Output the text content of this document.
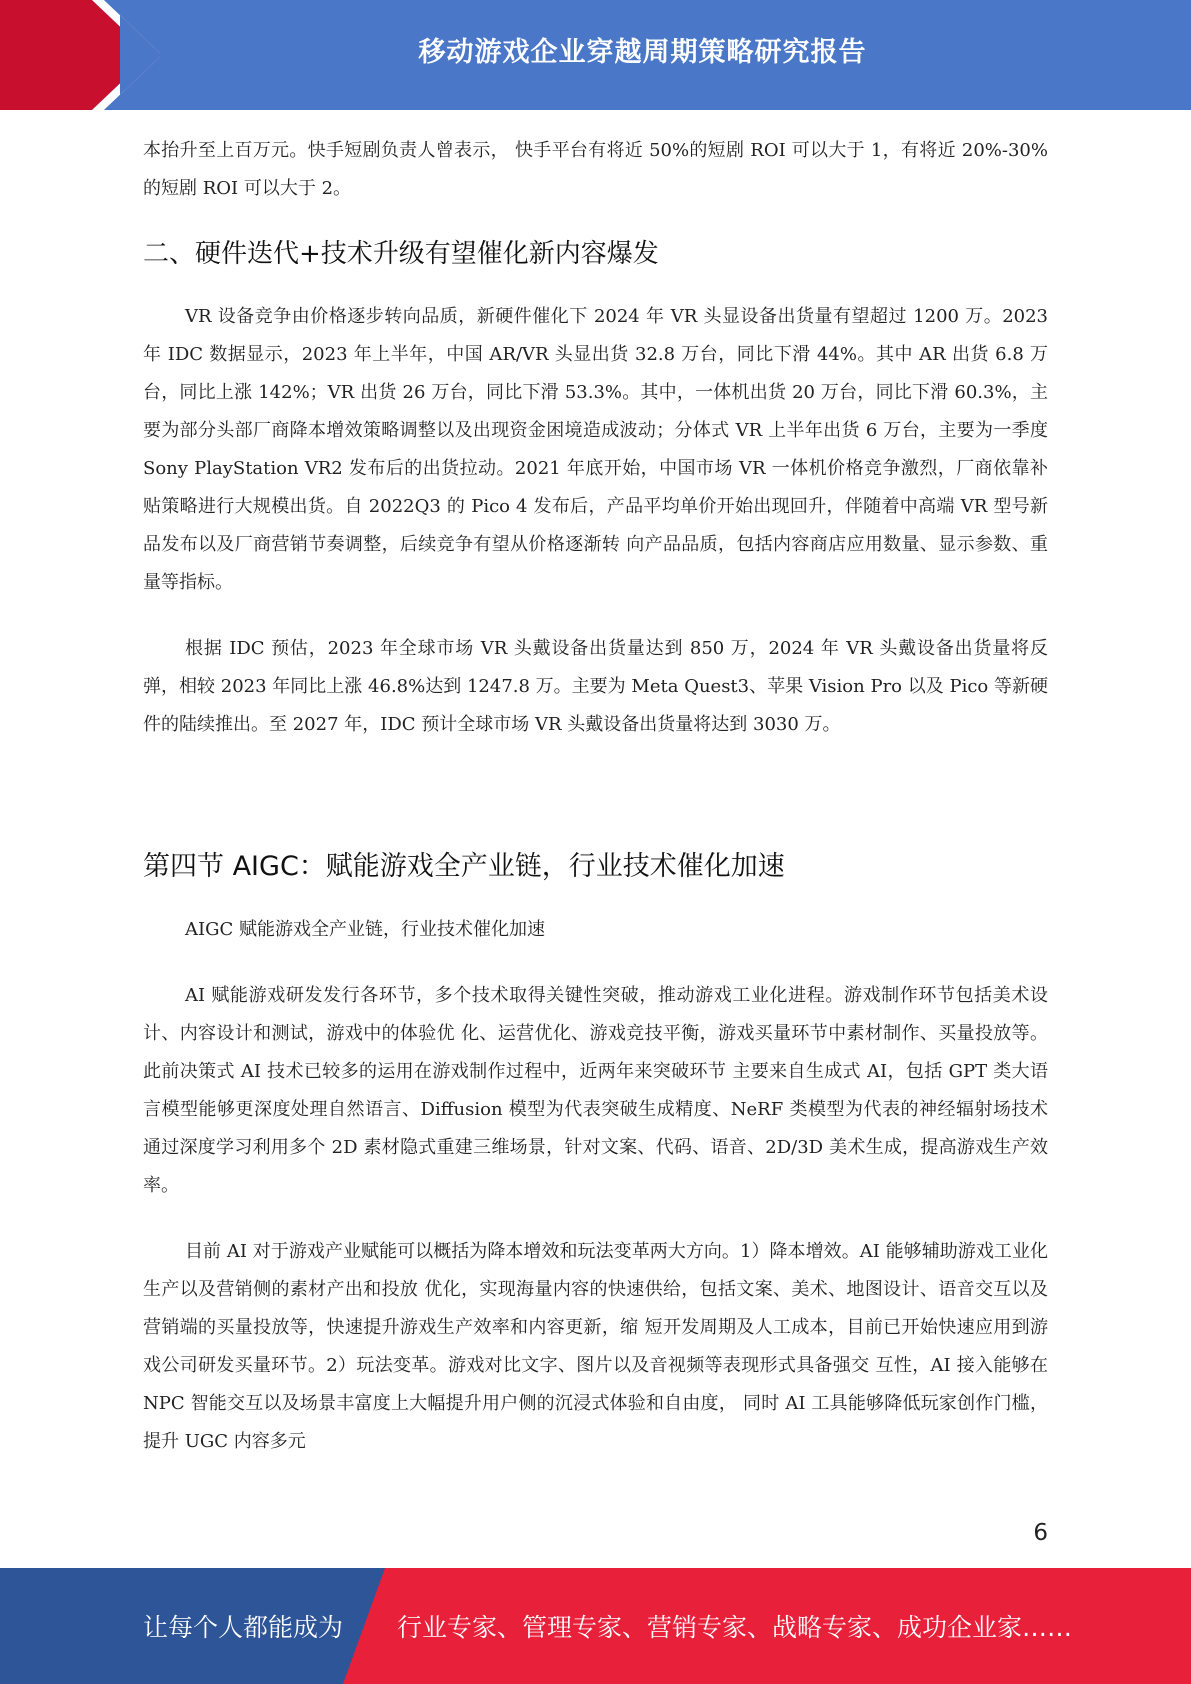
移动游戏企业穿越周期策略研究报告

本抬升至上百万元。快手短剧负责人曾表示， 快手平台有将近 50%的短剧 ROI 可以大于 1，有将近 20%-30%的短剧 ROI 可以大于 2。

二、硬件迭代+技术升级有望催化新内容爆发

VR 设备竞争由价格逐步转向品质，新硬件催化下 2024 年 VR 头显设备出货量有望超过 1200 万。2023 年 IDC 数据显示，2023 年上半年，中国 AR/VR 头显出货 32.8 万台，同比下滑 44%。其中 AR 出货 6.8 万台，同比上涨 142%；VR 出货 26 万台，同比下滑 53.3%。其中，一体机出货 20 万台，同比下滑 60.3%，主要为部分头部厂商降本增效策略调整以及出现资金困境造成波动；分体式 VR 上半年出货 6 万台，主要为一季度 Sony PlayStation VR2 发布后的出货拉动。2021 年底开始，中国市场 VR 一体机价格竞争激烈，厂商依靠补贴策略进行大规模出货。自 2022Q3 的 Pico 4 发布后，产品平均单价开始出现回升，伴随着中高端 VR 型号新品发布以及厂商营销节奏调整，后续竞争有望从价格逐渐转 向产品品质，包括内容商店应用数量、显示参数、重量等指标。

根据 IDC 预估，2023 年全球市场 VR 头戴设备出货量达到 850 万，2024 年 VR 头戴设备出货量将反弹，相较 2023 年同比上涨 46.8%达到 1247.8 万。主要为 Meta Quest3、苹果 Vision Pro 以及 Pico 等新硬件的陆续推出。至 2027 年，IDC 预计全球市场 VR 头戴设备出货量将达到 3030 万。

第四节 AIGC：赋能游戏全产业链，行业技术催化加速

AIGC 赋能游戏全产业链，行业技术催化加速

AI 赋能游戏研发发行各环节，多个技术取得关键性突破，推动游戏工业化进程。游戏制作环节包括美术设计、内容设计和测试，游戏中的体验优 化、运营优化、游戏竞技平衡，游戏买量环节中素材制作、买量投放等。此前决策式 AI 技术已较多的运用在游戏制作过程中，近两年来突破环节 主要来自生成式 AI，包括 GPT 类大语言模型能够更深度处理自然语言、Diffusion 模型为代表突破生成精度、NeRF 类模型为代表的神经辐射场技术 通过深度学习利用多个 2D 素材隐式重建三维场景，针对文案、代码、语音、2D/3D 美术生成，提高游戏生产效率。

目前 AI 对于游戏产业赋能可以概括为降本增效和玩法变革两大方向。1）降本增效。AI 能够辅助游戏工业化生产以及营销侧的素材产出和投放 优化，实现海量内容的快速供给，包括文案、美术、地图设计、语音交互以及营销端的买量投放等，快速提升游戏生产效率和内容更新，缩 短开发周期及人工成本，目前已开始快速应用到游戏公司研发买量环节。2）玩法变革。游戏对比文字、图片以及音视频等表现形式具备强交 互性，AI 接入能够在 NPC 智能交互以及场景丰富度上大幅提升用户侧的沉浸式体验和自由度， 同时 AI 工具能够降低玩家创作门槛，提升 UGC 内容多元

6
让每个人都能成为 行业专家、管理专家、营销专家、战略专家、成功企业家……
